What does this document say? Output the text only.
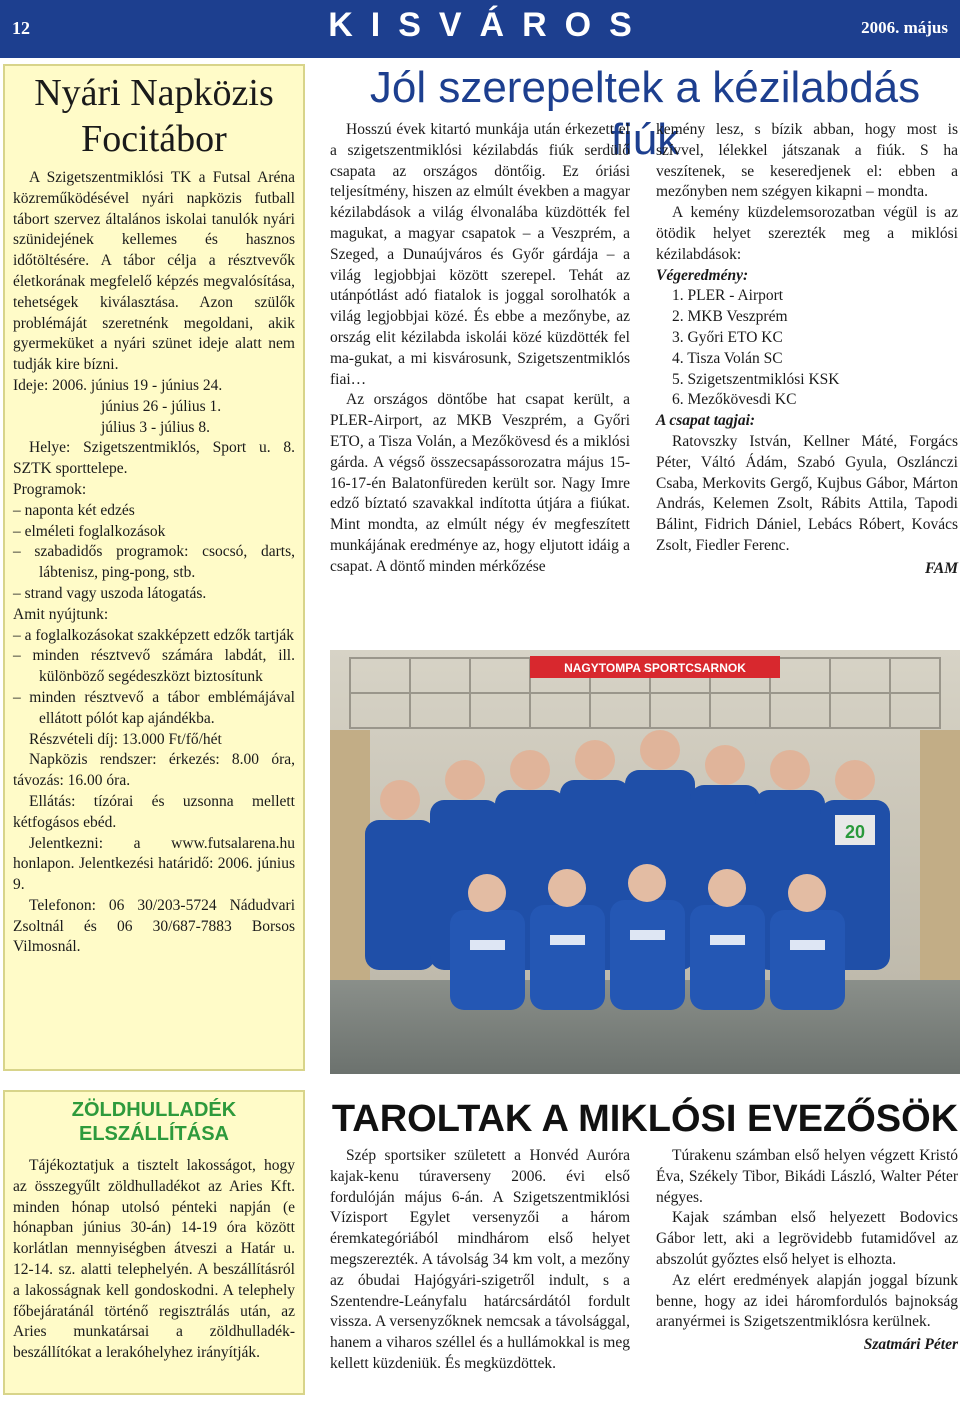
12	KISVÁROS	2006. május
Nyári Napközis
Focitábor

A Szigetszentmiklósi TK a Futsal Aréna közreműködésével nyári napközis futball tábort szervez általános iskolai tanulók nyári szünidejének kellemes és hasznos időtöltésére. A tábor célja a résztvevők életkorának megfelelő képzés megvalósítása, tehetségek kiválasztása. Azon szülők problémáját szeretnénk megoldani, akik gyermeküket a nyári szünet ideje alatt nem tudják kire bízni.

Ideje: 2006. június 19 - június 24.

június 26 - július 1.

július 3 - július 8.

Helye: Szigetszentmiklós, Sport u. 8. SZTK sporttelepe.

Programok:

– naponta két edzés

– elméleti foglalkozások

– szabadidős programok: csocsó, darts, lábtenisz, ping-pong, stb.

– strand vagy uszoda látogatás.

Amit nyújtunk:

– a foglalkozásokat szakképzett edzők tartják

– minden résztvevő számára labdát, ill. különböző segédeszközt biztosítunk

– minden résztvevő a tábor emblémájával ellátott pólót kap ajándékba.

Részvételi díj: 13.000 Ft/fő/hét

Napközis rendszer: érkezés: 8.00 óra, távozás: 16.00 óra.

Ellátás: tízórai és uzsonna mellett kétfogásos ebéd.

Jelentkezni: a www.futsalarena.hu honlapon. Jelentkezési határidő: 2006. június 9.

Telefonon: 06 30/203-5724 Nádudvari Zsoltnál és 06 30/687-7883 Borsos Vilmosnál.

ZÖLDHULLADÉK
ELSZÁLLÍTÁSA

Tájékoztatjuk a tisztelt lakosságot, hogy az összegyűlt zöldhulladékot az Aries Kft. minden hónap utolsó pénteki napján (e hónapban június 30-án) 14-19 óra között korlátlan mennyiségben átveszi a Határ u. 12-14. sz. alatti telephelyén. A beszállításról a lakosságnak kell gondoskodni. A telephely főbejáratánál történő regisztrálás után, az Aries munkatársai a zöldhulladék-beszállítókat a lerakóhelyhez irányítják.

Jól szerepeltek a kézilabdás fiúk

Hosszú évek kitartó munkája után érkezett el a szigetszentmiklósi kézilabdás fiúk serdülő csapata az országos döntőig. Ez óriási teljesítmény, hiszen az elmúlt években a magyar kézilabdások a világ élvonalába küzdötték fel magukat, a magyar csapatok – a Veszprém, a Szeged, a Dunaújváros és Győr gárdája – a világ legjobbjai között szerepel. Tehát az utánpótlást adó fiatalok is joggal sorolhatók a világ legjobbjai közé. És ebbe a mezőnybe, az ország elit kézilabda iskolái közé küzdötték fel ma-gukat, a mi kisvárosunk, Szigetszentmiklós fiai…

Az országos döntőbe hat csapat került, a PLER-Airport, az MKB Veszprém, a Győri ETO, a Tisza Volán, a Mezőkövesd és a miklósi gárda. A végső összecsapássorozatra május 15-16-17-én Balatonfüreden került sor. Nagy Imre edző bíztató szavakkal indította útjára a fiúkat. Mint mondta, az elmúlt négy év megfeszített munkájának eredménye az, hogy eljutott idáig a csapat. A döntő minden mérkőzése

kemény lesz, s bízik abban, hogy most is szívvel, lélekkel játszanak a fiúk. S ha veszítenek, se keseredjenek el: ebben a mezőnyben nem szégyen kikapni – mondta.

A kemény küzdelemsorozatban végül is az ötödik helyet szerezték meg a miklósi kézilabdások:

Végeredmény:

1. PLER - Airport

2. MKB Veszprém

3. Győri ETO KC

4. Tisza Volán SC

5. Szigetszentmiklósi KSK

6. Mezőkövesdi KC

A csapat tagjai:

Ratovszky István, Kellner Máté, Forgács Péter, Váltó Ádám, Szabó Gyula, Oszlánczi Csaba, Merkovits Gergő, Kujbus Gábor, Márton András, Kelemen Zsolt, Rábits Attila, Tapodi Bálint, Fidrich Dániel, Lebács Róbert, Kovács Zsolt, Fiedler Ferenc.

FAM

NAGYTOMPA SPORTCSARNOK
20
TAROLTAK A MIKLÓSI EVEZŐSÖK

Szép sportsiker született a Honvéd Auróra kajak-kenu túraverseny 2006. évi első fordulóján május 6-án. A Szigetszentmiklósi Vízisport Egylet versenyzői a három éremkategóriából mindhárom első helyet megszerezték. A távolság 34 km volt, a mezőny az óbudai Hajógyári-szigetről indult, s a Szentendre-Leányfalu határcsárdától fordult vissza. A versenyzőknek nemcsak a távolsággal, hanem a viharos széllel és a hullámokkal is meg kellett küzdeniük. És megküzdöttek.

Túrakenu számban első helyen végzett Kristó Éva, Székely Tibor, Bikádi László, Walter Péter négyes.

Kajak számban első helyezett Bodovics Gábor lett, aki a legrövidebb futamidővel az abszolút győztes első helyet is elhozta.

Az elért eredmények alapján joggal bízunk benne, hogy az idei háromfordulós bajnokság aranyérmei is Szigetszentmiklósra kerülnek.

Szatmári Péter
